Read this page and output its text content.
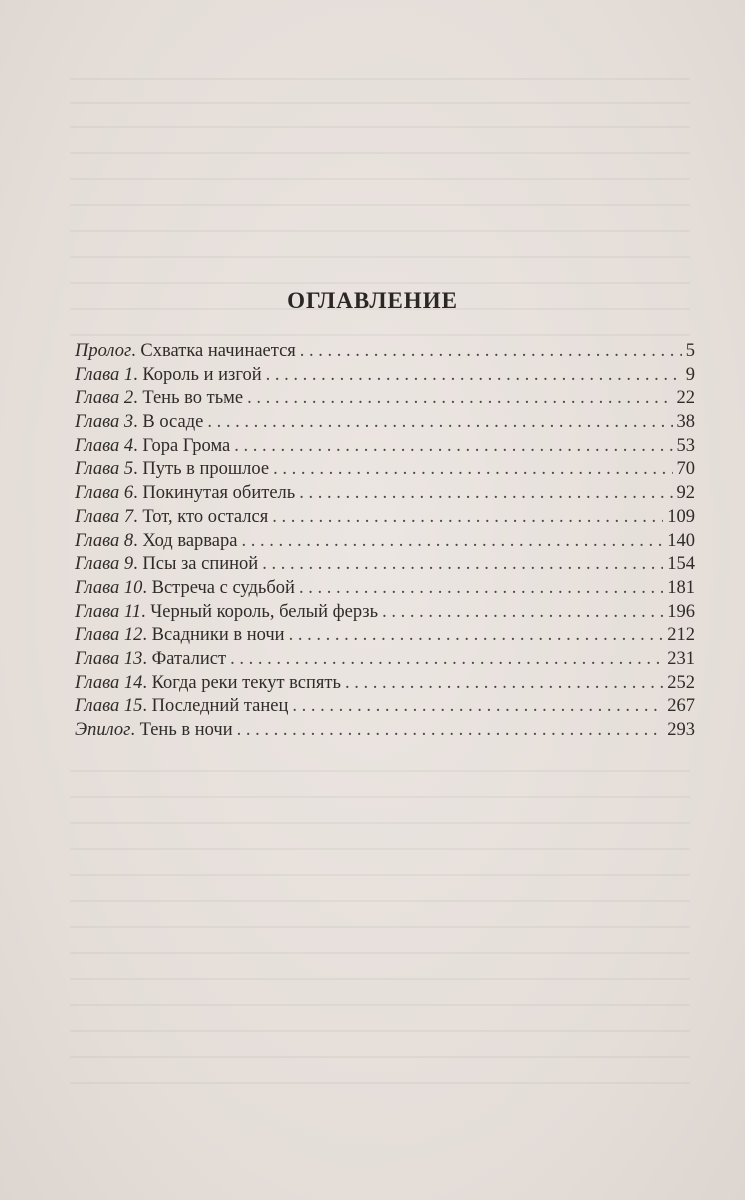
ОГЛАВЛЕНИЕ
Пролог. Схватка начинается . . .	5
Глава 1. Король и изгой . . .	9
Глава 2. Тень во тьме . . .	22
Глава 3. В осаде . . .	38
Глава 4. Гора Грома . . .	53
Глава 5. Путь в прошлое . . .	70
Глава 6. Покинутая обитель . . .	92
Глава 7. Тот, кто остался . . .	109
Глава 8. Ход варвара . . .	140
Глава 9. Псы за спиной . . .	154
Глава 10. Встреча с судьбой . . .	181
Глава 11. Черный король, белый ферзь . . .	196
Глава 12. Всадники в ночи . . .	212
Глава 13. Фаталист . . .	231
Глава 14. Когда реки текут вспять . . .	252
Глава 15. Последний танец . . .	267
Эпилог. Тень в ночи . . .	293
